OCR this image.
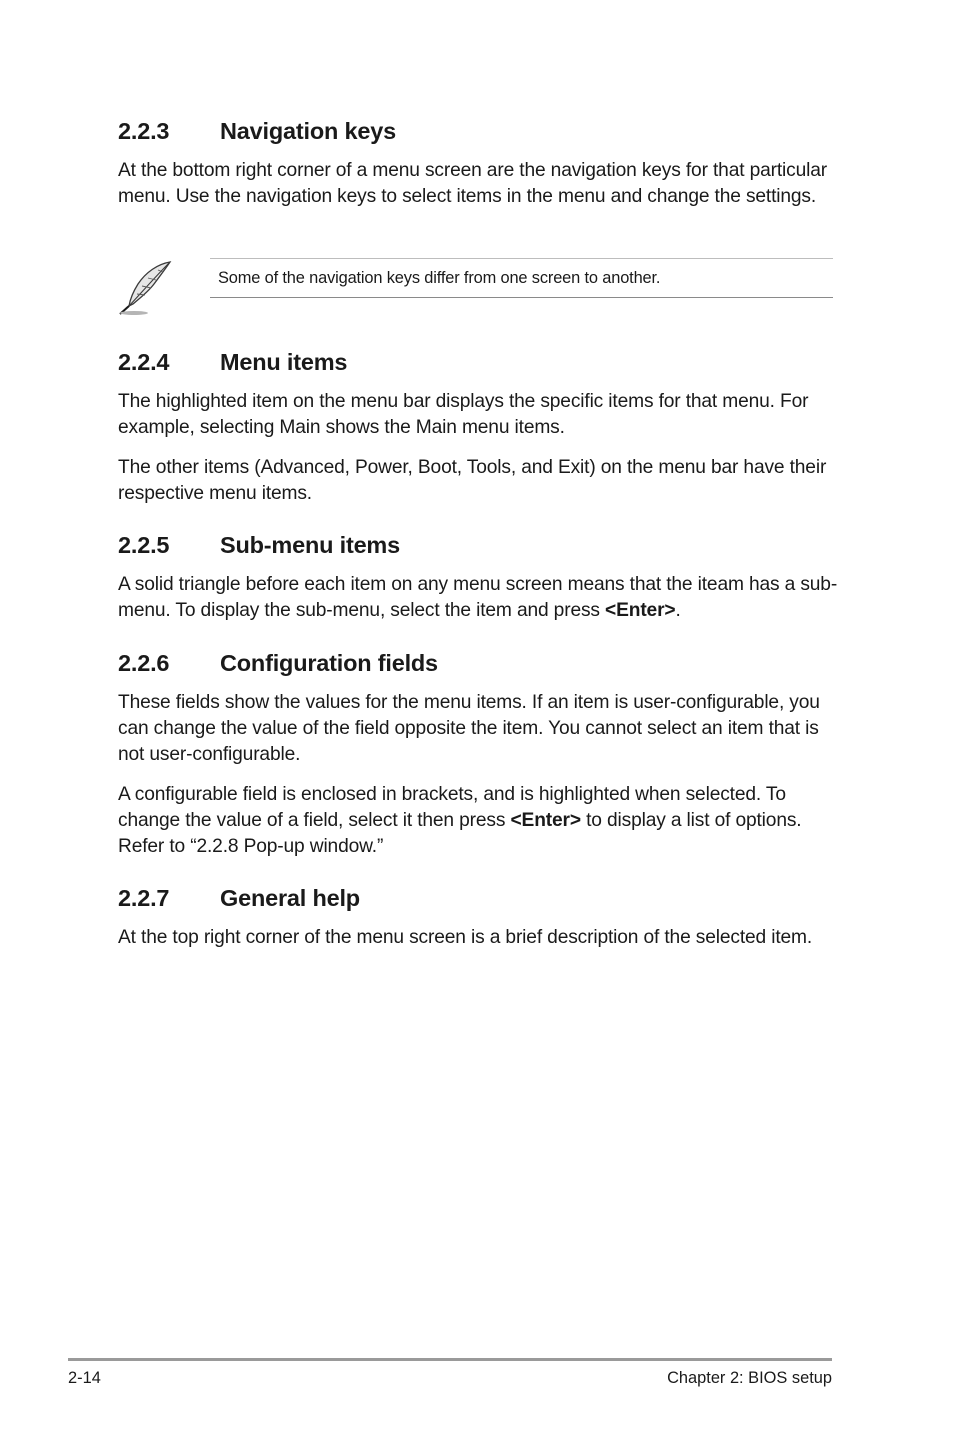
2.2.3 Navigation keys

At the bottom right corner of a menu screen are the navigation keys for that particular menu. Use the navigation keys to select items in the menu and change the settings.

Some of the navigation keys differ from one screen to another.
2.2.4 Menu items

The highlighted item on the menu bar displays the specific items for that menu. For example, selecting Main shows the Main menu items.

The other items (Advanced, Power, Boot, Tools, and Exit) on the menu bar have their respective menu items.

2.2.5 Sub-menu items

A solid triangle before each item on any menu screen means that the iteam has a sub-menu. To display the sub-menu, select the item and press <Enter>.

2.2.6 Configuration fields

These fields show the values for the menu items. If an item is user-configurable, you can change the value of the field opposite the item. You cannot select an item that is not user-configurable.

A configurable field is enclosed in brackets, and is highlighted when selected. To change the value of a field, select it then press <Enter> to display a list of options. Refer to “2.2.8 Pop-up window.”

2.2.7 General help

At the top right corner of the menu screen is a brief description of the selected item.

2-14	Chapter 2: BIOS setup
